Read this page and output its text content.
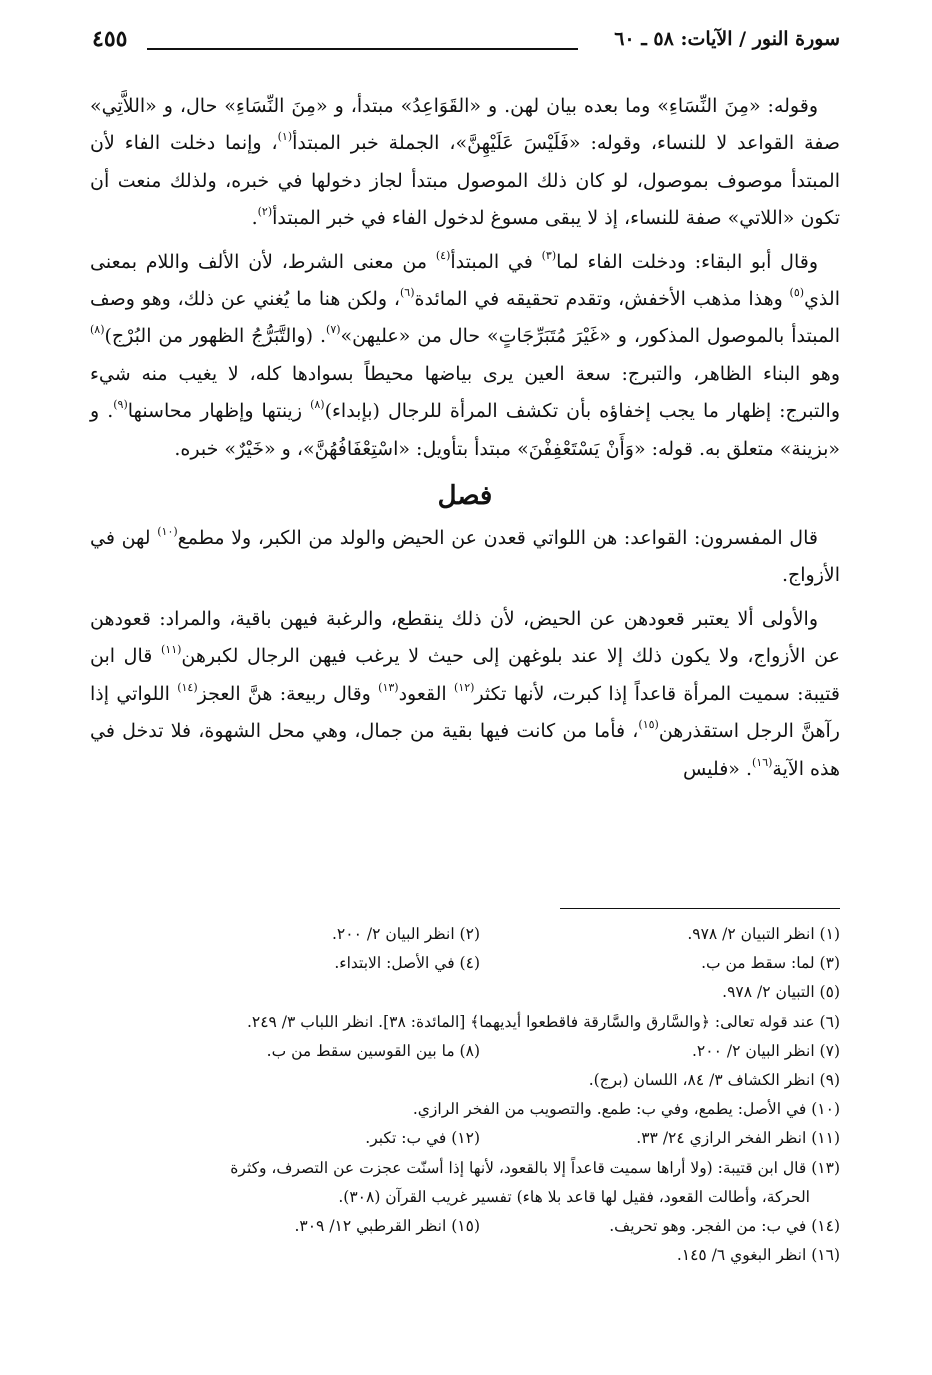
سورة النور / الآيات: ٥٨ ـ ٦٠
٤٥٥

وقوله: «مِنَ النِّسَاءِ» وما بعده بيان لهن. و «القَوَاعِدُ» مبتدأ، و «مِنَ النِّسَاءِ» حال، و «اللاَّتِي» صفة القواعد لا للنساء، وقوله: «فَلَيْسَ عَلَيْهِنَّ»، الجملة خبر المبتدأ$^{(١)}$، وإنما دخلت الفاء لأن المبتدأ موصوف بموصول، لو كان ذلك الموصول مبتدأ لجاز دخولها في خبره، ولذلك منعت أن تكون «اللاتي» صفة للنساء، إذ لا يبقى مسوغ لدخول الفاء في خبر المبتدأ$^{(٢)}$.

وقال أبو البقاء: ودخلت الفاء لما$^{(٣)}$ في المبتدأ$^{(٤)}$ من معنى الشرط، لأن الألف واللام بمعنى الذي$^{(٥)}$ وهذا مذهب الأخفش، وتقدم تحقيقه في المائدة$^{(٦)}$، ولكن هنا ما يُغني عن ذلك، وهو وصف المبتدأ بالموصول المذكور، و «غَيْرَ مُتَبَرِّجَاتٍ» حال من «عليهن»$^{(٧)}$. (والتَّبَرُّجُ الظهور من البُرْج)$^{(٨)}$ وهو البناء الظاهر، والتبرج: سعة العين يرى بياضها محيطاً بسوادها كله، لا يغيب منه شيء والتبرج: إظهار ما يجب إخفاؤه بأن تكشف المرأة للرجال (بإبداء)$^{(٨)}$ زينتها وإظهار محاسنها$^{(٩)}$. و «بزينة» متعلق به. قوله: «وَأَنْ يَسْتَعْفِفْنَ» مبتدأ بتأويل: «اسْتِعْفَافُهُنَّ»، و «خَيْرٌ» خبره.

فصل

قال المفسرون: القواعد: هن اللواتي قعدن عن الحيض والولد من الكبر، ولا مطمع$^{(١٠)}$ لهن في الأزواج.

والأولى ألا يعتبر قعودهن عن الحيض، لأن ذلك ينقطع، والرغبة فيهن باقية، والمراد: قعودهن عن الأزواج، ولا يكون ذلك إلا عند بلوغهن إلى حيث لا يرغب فيهن الرجال لكبرهن$^{(١١)}$ قال ابن قتيبة: سميت المرأة قاعداً إذا كبرت، لأنها تكثر$^{(١٢)}$ القعود$^{(١٣)}$ وقال ربيعة: هنَّ العجز$^{(١٤)}$ اللواتي إذا رآهنَّ الرجل استقذرهن$^{(١٥)}$، فأما من كانت فيها بقية من جمال، وهي محل الشهوة، فلا تدخل في هذه الآية$^{(١٦)}$. «فليس

(١) انظر التبيان ٢/ ٩٧٨.
(٢) انظر البيان ٢/ ٢٠٠.
(٣) لما: سقط من ب.
(٤) في الأصل: الابتداء.
(٥) التبيان ٢/ ٩٧٨.
(٦) عند قوله تعالى: ﴿والسَّارق والسَّارقة فاقطعوا أيديهما﴾ [المائدة: ٣٨]. انظر اللباب ٣/ ٢٤٩.
(٧) انظر البيان ٢/ ٢٠٠.
(٨) ما بين القوسين سقط من ب.
(٩) انظر الكشاف ٣/ ٨٤، اللسان (برج).
(١٠) في الأصل: يطمع، وفي ب: طمع. والتصويب من الفخر الرازي.
(١١) انظر الفخر الرازي ٢٤/ ٣٣.
(١٢) في ب: تكبر.
(١٣) قال ابن قتيبة: (ولا أراها سميت قاعداً إلا بالقعود، لأنها إذا أسنّت عجزت عن التصرف، وكثرة
الحركة، وأطالت القعود، فقيل لها قاعد بلا هاء) تفسير غريب القرآن (٣٠٨).
(١٤) في ب: من الفجر. وهو تحريف.
(١٥) انظر القرطبي ١٢/ ٣٠٩.
(١٦) انظر البغوي ٦/ ١٤٥.
